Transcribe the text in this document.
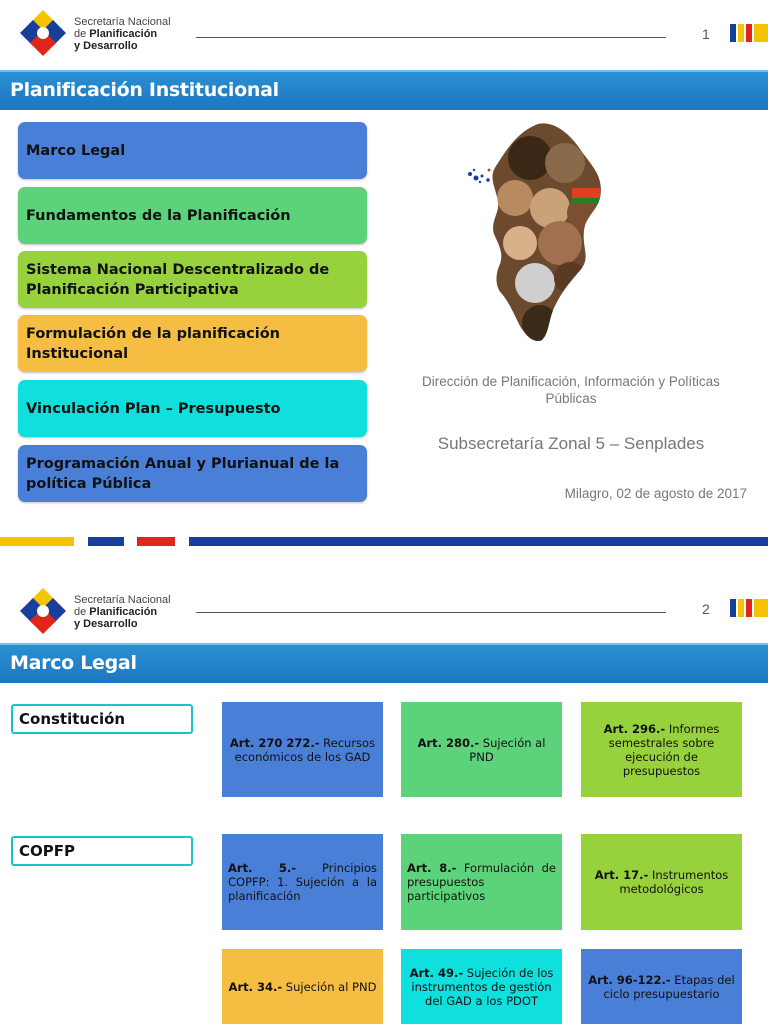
Secretaría Nacional
de Planificación
y Desarrollo
1
Planificación Institucional
Dirección de Planificación, Información y Políticas Públicas
Subsecretaría Zonal 5 – Senplades
Milagro, 02 de agosto de 2017
Marco Legal
Fundamentos de la Planificación
Sistema Nacional Descentralizado de Planificación Participativa
Formulación de la planificación Institucional
Vinculación Plan – Presupuesto
Programación Anual y Plurianual de la política Pública
Secretaría Nacional
de Planificación
y Desarrollo
2
Marco Legal
Constitución
COPFP
Art. 270 272.- Recursos económicos de los GAD
Art. 280.- Sujeción al PND
Art. 296.- Informes semestrales sobre ejecución de presupuestos
Art. 5.- Principios COPFP: 1. Sujeción a la planificación
Art. 8.- Formulación de presupuestos participativos
Art. 17.- Instrumentos metodológicos
Art. 34.- Sujeción al PND
Art. 49.- Sujeción de los instrumentos de gestión del GAD a los PDOT
Art. 96-122.- Etapas del ciclo presupuestario
